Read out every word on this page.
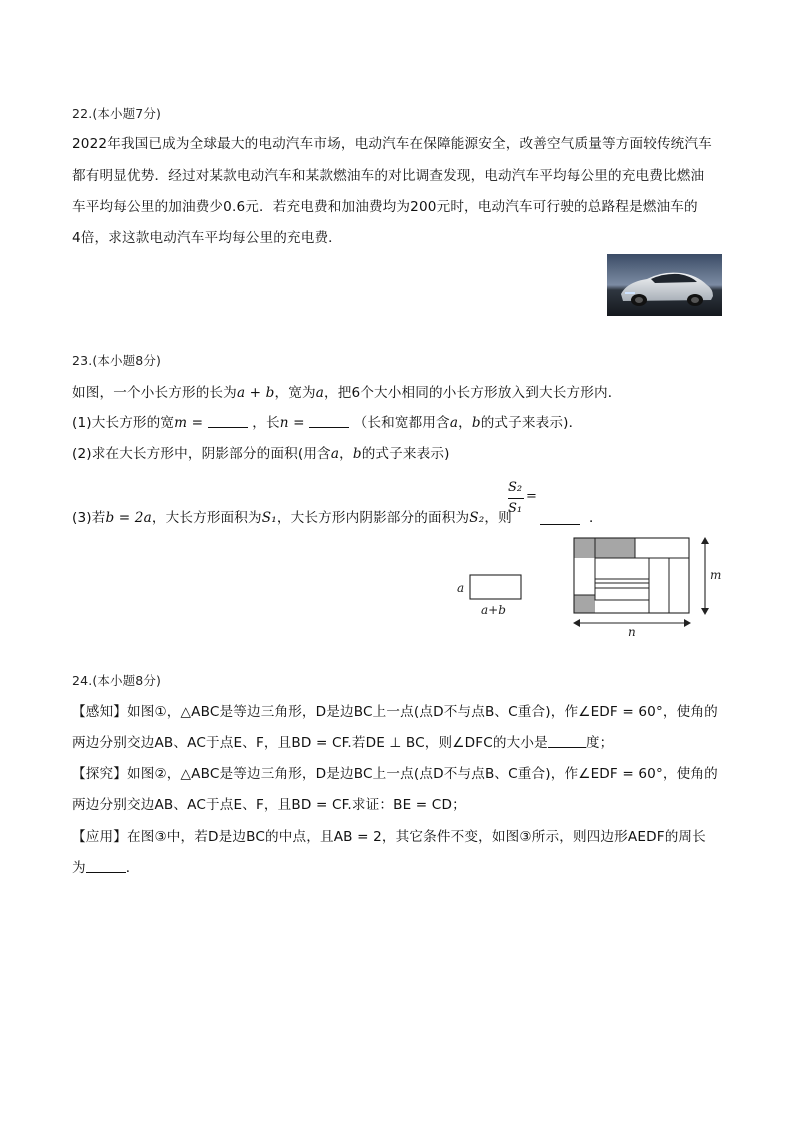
22.(本小题7分)
2022年我国已成为全球最大的电动汽车市场，电动汽车在保障能源安全，改善空气质量等方面较传统汽车
都有明显优势．经过对某款电动汽车和某款燃油车的对比调查发现，电动汽车平均每公里的充电费比燃油
车平均每公里的加油费少0.6元．若充电费和加油费均为200元时，电动汽车可行驶的总路程是燃油车的
4倍，求这款电动汽车平均每公里的充电费．
23.(本小题8分)
如图，一个小长方形的长为a + b，宽为a，把6个大小相同的小长方形放入到大长方形内．
(1)大长方形的宽m =	，长n =	（长和宽都用含a，b的式子来表示)．
(2)求在大长方形中，阴影部分的面积(用含a，b的式子来表示)
S₂
S₁
=
(3)若b = 2a，大长方形面积为S₁，大长方形内阴影部分的面积为S₂，则	．
a
a+b
m
n
24.(本小题8分)
【感知】如图①，△ABC是等边三角形，D是边BC上一点(点D不与点B、C重合)，作∠EDF = 60°，使角的
两边分别交边AB、AC于点E、F，且BD = CF.若DE ⊥ BC，则∠DFC的大小是	度；
【探究】如图②，△ABC是等边三角形，D是边BC上一点(点D不与点B、C重合)，作∠EDF = 60°，使角的
两边分别交边AB、AC于点E、F，且BD = CF.求证：BE = CD；
【应用】在图③中，若D是边BC的中点，且AB = 2，其它条件不变，如图③所示，则四边形AEDF的周长
为	．
